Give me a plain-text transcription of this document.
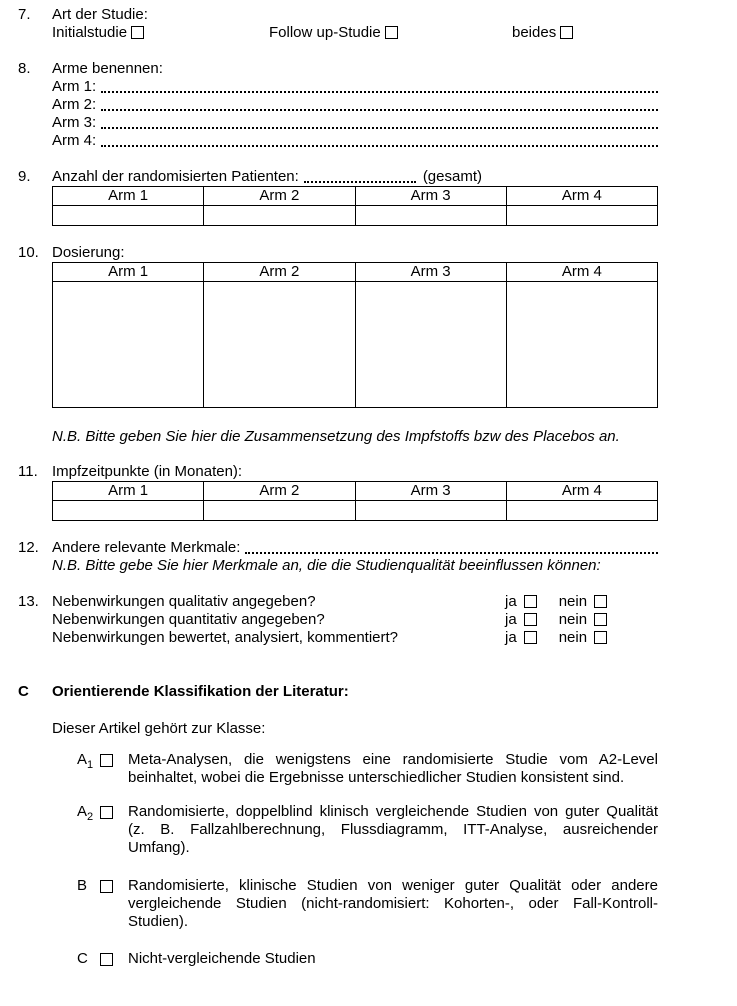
7.	Art der Studie:
Initialstudie	Follow up-Studie	beides
8.	Arme benennen:
Arm 1:
Arm 2:
Arm 3:
Arm 4:
9.	Anzahl der randomisierten Patienten:	(gesamt)
Arm 1	Arm 2	Arm 3	Arm 4

10. Dosierung:
Arm 1	Arm 2	Arm 3	Arm 4

N.B. Bitte geben Sie hier die Zusammensetzung des Impfstoffs bzw des Placebos an.
11. Impfzeitpunkte (in Monaten):
Arm 1	Arm 2	Arm 3	Arm 4

12. Andere relevante Merkmale:
N.B. Bitte gebe Sie hier Merkmale an, die die Studienqualität beeinflussen können:
13. Nebenwirkungen qualitativ angegeben?	ja	nein
Nebenwirkungen quantitativ angegeben?	ja	nein
Nebenwirkungen bewertet, analysiert, kommentiert?	ja	nein
C	Orientierende Klassifikation der Literatur:
Dieser Artikel gehört zur Klasse:
$A_1$	Meta-Analysen, die wenigstens eine randomisierte Studie vom A2-Level beinhaltet, wobei die Ergebnisse unterschiedlicher Studien konsistent sind.
$A_2$	Randomisierte, doppelblind klinisch vergleichende Studien von guter Qualität (z. B. Fallzahlberechnung, Flussdiagramm, ITT-Analyse, ausreichender Umfang).
B	Randomisierte, klinische Studien von weniger guter Qualität oder andere vergleichende Studien (nicht-randomisiert: Kohorten-, oder Fall-Kontroll-Studien).
C	Nicht-vergleichende Studien
